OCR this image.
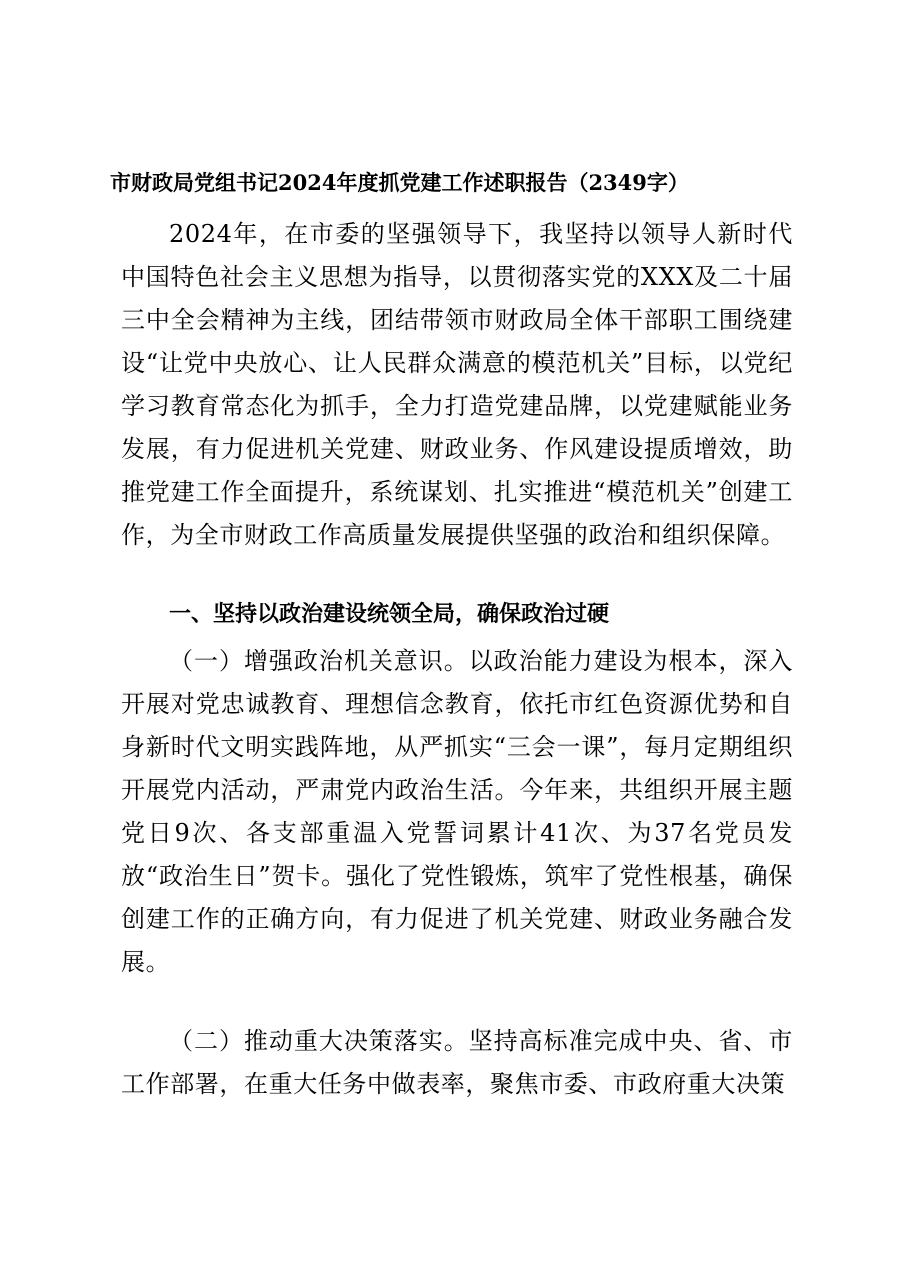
市财政局党组书记2024年度抓党建工作述职报告（2349字）

2024年，在市委的坚强领导下，我坚持以领导人新时代中国特色社会主义思想为指导，以贯彻落实党的XXX及二十届三中全会精神为主线，团结带领市财政局全体干部职工围绕建设“让党中央放心、让人民群众满意的模范机关”目标，以党纪学习教育常态化为抓手，全力打造党建品牌，以党建赋能业务发展，有力促进机关党建、财政业务、作风建设提质增效，助推党建工作全面提升，系统谋划、扎实推进“模范机关”创建工作，为全市财政工作高质量发展提供坚强的政治和组织保障。

一、坚持以政治建设统领全局，确保政治过硬

（一）增强政治机关意识。以政治能力建设为根本，深入开展对党忠诚教育、理想信念教育，依托市红色资源优势和自身新时代文明实践阵地，从严抓实“三会一课”，每月定期组织开展党内活动，严肃党内政治生活。今年来，共组织开展主题党日9次、各支部重温入党誓词累计41次、为37名党员发放“政治生日”贺卡。强化了党性锻炼，筑牢了党性根基，确保创建工作的正确方向，有力促进了机关党建、财政业务融合发展。

（二）推动重大决策落实。坚持高标准完成中央、省、市工作部署，在重大任务中做表率，聚焦市委、市政府重大决策
